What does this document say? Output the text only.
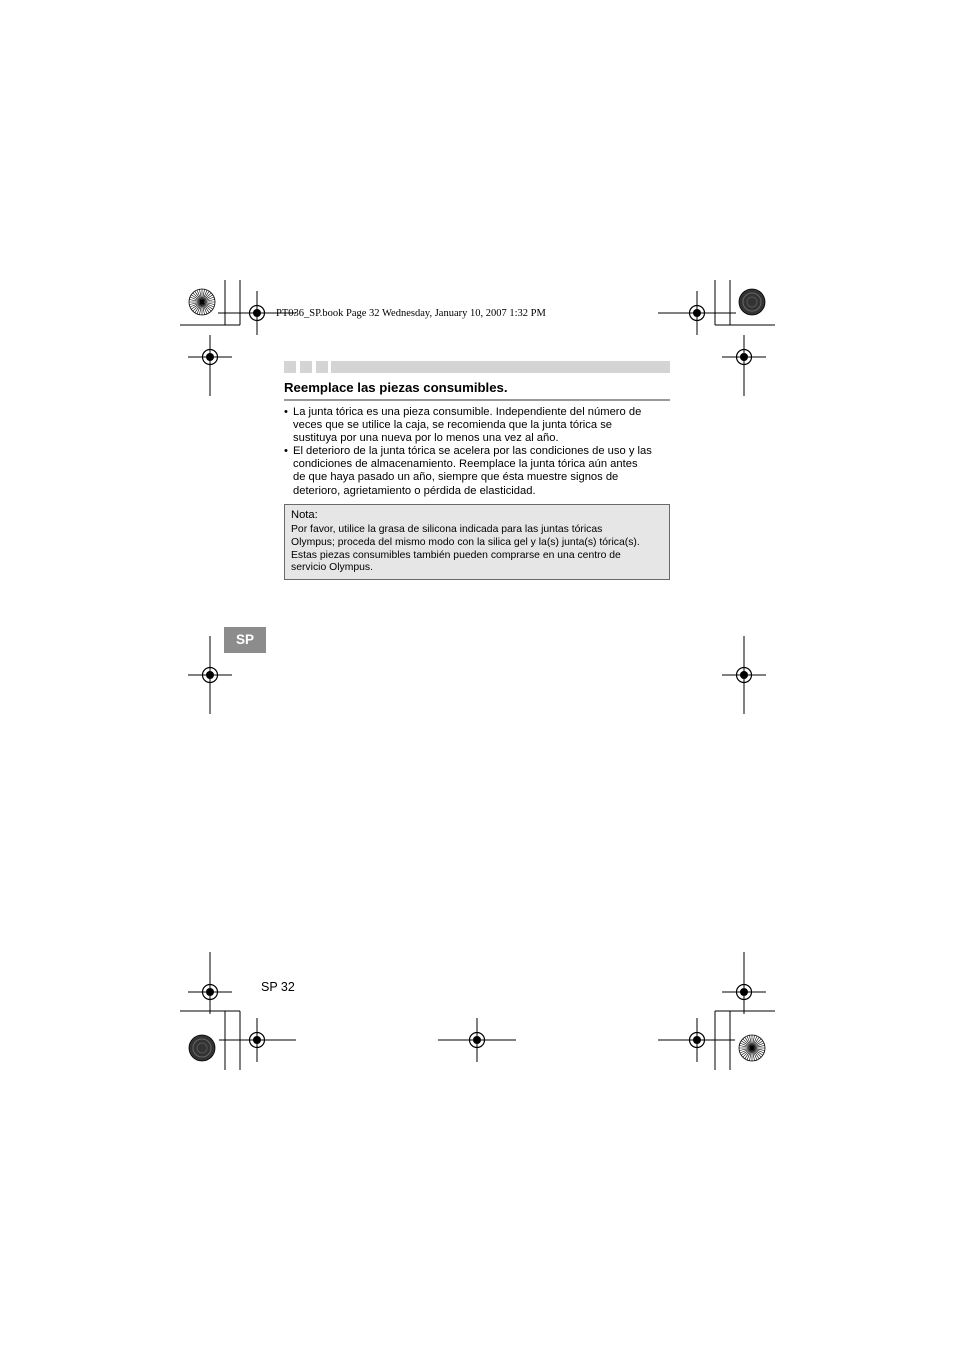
PT036_SP.book Page 32 Wednesday, January 10, 2007 1:32 PM
Reemplace las piezas consumibles.
• La junta tórica es una pieza consumible. Independiente del número de
veces que se utilice la caja, se recomienda que la junta tórica se
sustituya por una nueva por lo menos una vez al año.
• El deterioro de la junta tórica se acelera por las condiciones de uso y las
condiciones de almacenamiento. Reemplace la junta tórica aún antes
de que haya pasado un año, siempre que ésta muestre signos de
deterioro, agrietamiento o pérdida de elasticidad.
Nota:
Por favor, utilice la grasa de silicona indicada para las juntas tóricas
Olympus; proceda del mismo modo con la silica gel y la(s) junta(s) tórica(s).
Estas piezas consumibles también pueden comprarse en una centro de
servicio Olympus.
SP
SP 32
